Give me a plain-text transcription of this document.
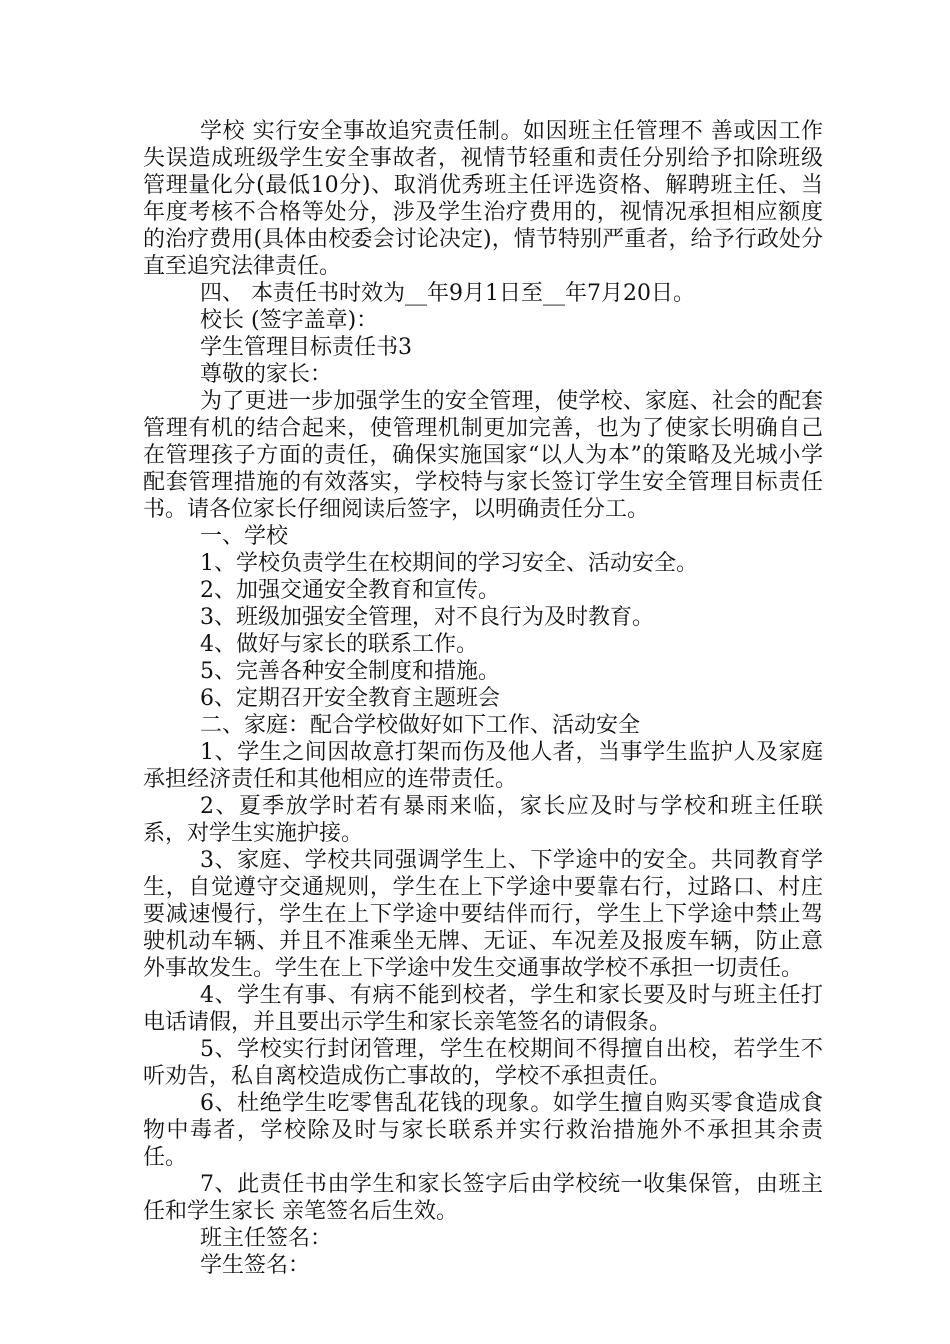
学校 实行安全事故追究责任制。如因班主任管理不 善或因工作失误造成班级学生安全事故者，视情节轻重和责任分别给予扣除班级管理量化分(最低10分)、取消优秀班主任评选资格、解聘班主任、当年度考核不合格等处分，涉及学生治疗费用的，视情况承担相应额度的治疗费用(具体由校委会讨论决定)，情节特别严重者，给予行政处分直至追究法律责任。

四、 本责任书时效为__年9月1日至__年7月20日。

校长 (签字盖章)：

学生管理目标责任书3

尊敬的家长：

为了更进一步加强学生的安全管理，使学校、家庭、社会的配套管理有机的结合起来，使管理机制更加完善，也为了使家长明确自己在管理孩子方面的责任，确保实施国家“以人为本”的策略及光城小学配套管理措施的有效落实，学校特与家长签订学生安全管理目标责任书。请各位家长仔细阅读后签字，以明确责任分工。

一、学校

1、学校负责学生在校期间的学习安全、活动安全。

2、加强交通安全教育和宣传。

3、班级加强安全管理，对不良行为及时教育。

4、做好与家长的联系工作。

5、完善各种安全制度和措施。

6、定期召开安全教育主题班会

二、家庭：配合学校做好如下工作、活动安全

1、学生之间因故意打架而伤及他人者，当事学生监护人及家庭承担经济责任和其他相应的连带责任。

2、夏季放学时若有暴雨来临，家长应及时与学校和班主任联系，对学生实施护接。

3、家庭、学校共同强调学生上、下学途中的安全。共同教育学生，自觉遵守交通规则，学生在上下学途中要靠右行，过路口、村庄要减速慢行，学生在上下学途中要结伴而行，学生上下学途中禁止驾驶机动车辆、并且不准乘坐无牌、无证、车况差及报废车辆，防止意外事故发生。学生在上下学途中发生交通事故学校不承担一切责任。

4、学生有事、有病不能到校者，学生和家长要及时与班主任打电话请假，并且要出示学生和家长亲笔签名的请假条。

5、学校实行封闭管理，学生在校期间不得擅自出校，若学生不听劝告，私自离校造成伤亡事故的，学校不承担责任。

6、杜绝学生吃零售乱花钱的现象。如学生擅自购买零食造成食物中毒者，学校除及时与家长联系并实行救治措施外不承担其余责任。

7、此责任书由学生和家长签字后由学校统一收集保管，由班主任和学生家长 亲笔签名后生效。

班主任签名：

学生签名：
